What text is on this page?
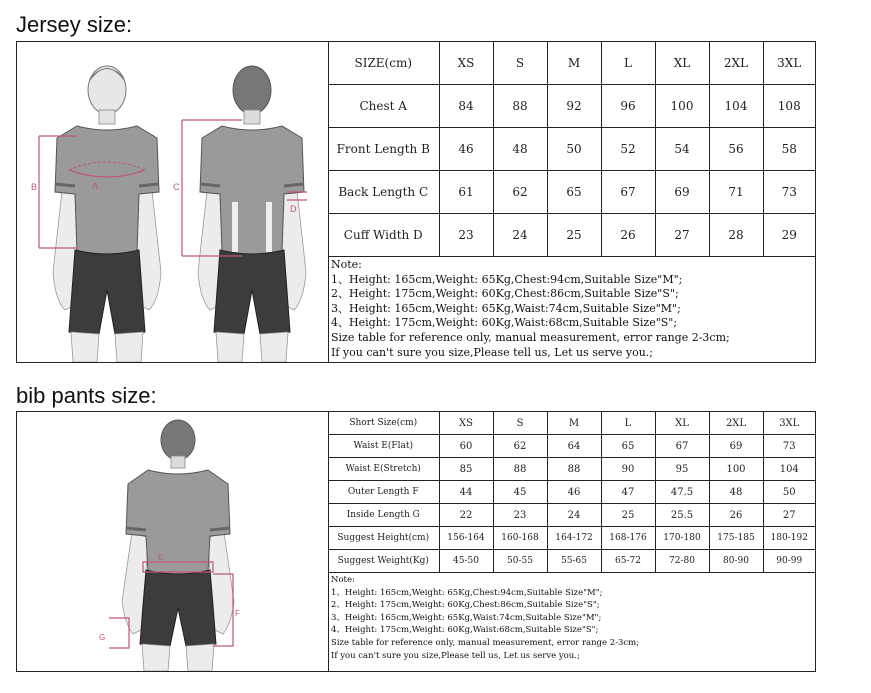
Jersey size:
B	A	C
D
SIZE(cm)	XS	S	M	L	XL	2XL	3XL
Chest A	84	88	92	96	100	104	108
Front Length B	46	48	50	52	54	56	58
Back Length C	61	62	65	67	69	71	73
Cuff Width D	23	24	25	26	27	28	29
Note:
1、Height: 165cm,Weight: 65Kg,Chest:94cm,Suitable Size"M";
2、Height: 175cm,Weight: 60Kg,Chest:86cm,Suitable Size"S";
3、Height: 165cm,Weight: 65Kg,Waist:74cm,Suitable Size"M";
4、Height: 175cm,Weight: 60Kg,Waist:68cm,Suitable Size"S";
Size table for reference only, manual measurement, error range 2-3cm;
If you can't sure you size,Please tell us, Let us serve you.;
bib pants size:
E
F
G
Short Size(cm)	XS	S	M	L	XL	2XL	3XL
Waist E(Flat)	60	62	64	65	67	69	73
Waist E(Stretch)	85	88	88	90	95	100	104
Outer Length F	44	45	46	47	47.5	48	50
Inside Length G	22	23	24	25	25.5	26	27
Suggest Height(cm)	156-164	160-168	164-172	168-176	170-180	175-185	180-192
Suggest Weight(Kg)	45-50	50-55	55-65	65-72	72-80	80-90	90-99
Note:
1、Height: 165cm,Weight: 65Kg,Chest:94cm,Suitable Size"M";
2、Height: 175cm,Weight: 60Kg,Chest:86cm,Suitable Size"S";
3、Height: 165cm,Weight: 65Kg,Waist:74cm,Suitable Size"M";
4、Height: 175cm,Weight: 60Kg,Waist:68cm,Suitable Size"S";
Size table for reference only, manual measurement, error range 2-3cm;
If you can't sure you size,Please tell us, Let us serve you.;
